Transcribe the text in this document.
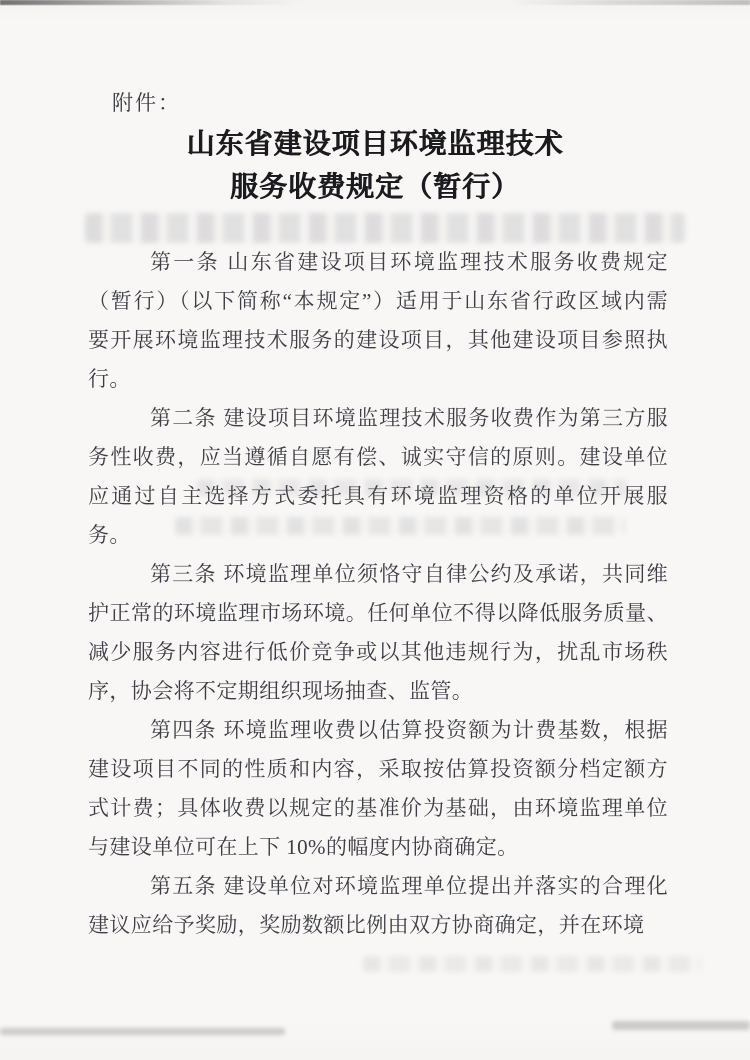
附件：
山东省建设项目环境监理技术
服务收费规定（暂行）
第一条 山东省建设项目环境监理技术服务收费规定
（暂行）（以下简称“本规定”）适用于山东省行政区域内需
要开展环境监理技术服务的建设项目，其他建设项目参照执
行。
第二条 建设项目环境监理技术服务收费作为第三方服
务性收费，应当遵循自愿有偿、诚实守信的原则。建设单位
应通过自主选择方式委托具有环境监理资格的单位开展服
务。
第三条 环境监理单位须恪守自律公约及承诺，共同维
护正常的环境监理市场环境。任何单位不得以降低服务质量、
减少服务内容进行低价竞争或以其他违规行为，扰乱市场秩
序，协会将不定期组织现场抽查、监管。
第四条 环境监理收费以估算投资额为计费基数，根据
建设项目不同的性质和内容，采取按估算投资额分档定额方
式计费；具体收费以规定的基准价为基础，由环境监理单位
与建设单位可在上下 10%的幅度内协商确定。
第五条 建设单位对环境监理单位提出并落实的合理化
建议应给予奖励，奖励数额比例由双方协商确定，并在环境
